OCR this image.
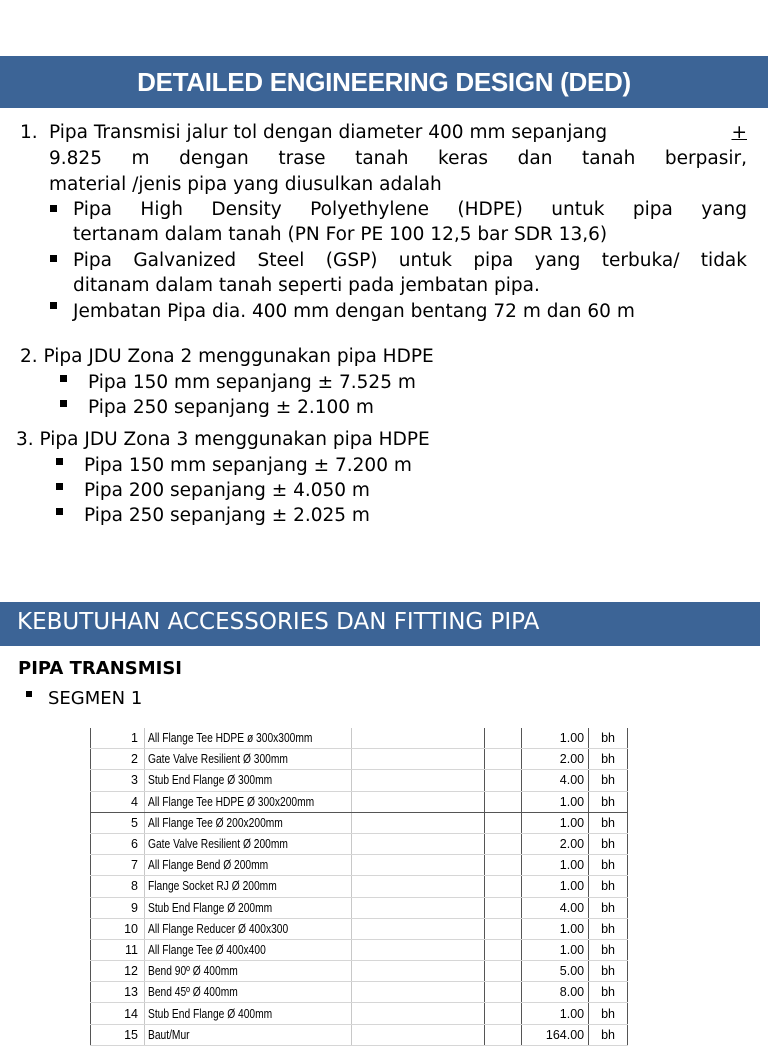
DETAILED ENGINEERING DESIGN (DED)
1. Pipa Transmisi jalur tol dengan diameter 400 mm sepanjang	+
9.825 m dengan trase tanah keras dan tanah berpasir,
material /jenis pipa yang diusulkan adalah
Pipa High Density Polyethylene (HDPE) untuk pipa yang
tertanam dalam tanah (PN For PE 100 12,5 bar SDR 13,6)
Pipa Galvanized Steel (GSP) untuk pipa yang terbuka/ tidak
ditanam dalam tanah seperti pada jembatan pipa.
Jembatan Pipa dia. 400 mm dengan bentang 72 m dan 60 m
2. Pipa JDU Zona 2 menggunakan pipa HDPE
Pipa 150 mm sepanjang ± 7.525 m
Pipa 250 sepanjang ± 2.100 m
3. Pipa JDU Zona 3 menggunakan pipa HDPE
Pipa 150 mm sepanjang ± 7.200 m
Pipa 200 sepanjang ± 4.050 m
Pipa 250 sepanjang ± 2.025 m
PIPA TRANSMISI
SEGMEN 1
KEBUTUHAN ACCESSORIES DAN FITTING PIPA
1	All Flange Tee HDPE ø 300x300mm			1.00	bh
2	Gate Valve Resilient Ø 300mm			2.00	bh
3	Stub End Flange Ø 300mm			4.00	bh
4	All Flange Tee HDPE Ø 300x200mm			1.00	bh
5	All Flange Tee Ø 200x200mm			1.00	bh
6	Gate Valve Resilient Ø 200mm			2.00	bh
7	All Flange Bend Ø 200mm			1.00	bh
8	Flange Socket RJ Ø 200mm			1.00	bh
9	Stub End Flange Ø 200mm			4.00	bh
10	All Flange Reducer Ø 400x300			1.00	bh
11	All Flange Tee Ø 400x400			1.00	bh
12	Bend 90º Ø 400mm			5.00	bh
13	Bend 45º Ø 400mm			8.00	bh
14	Stub End Flange Ø 400mm			1.00	bh
15	Baut/Mur			164.00	bh
